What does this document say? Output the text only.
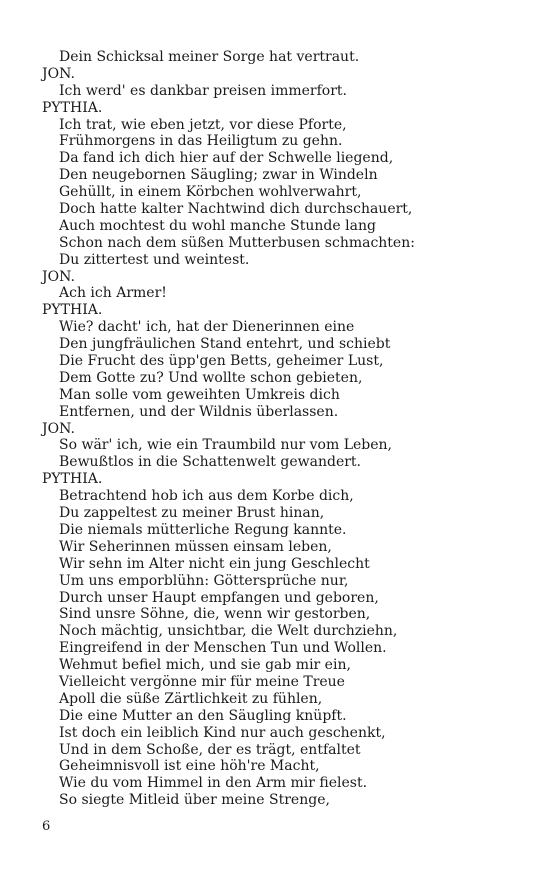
Dein Schicksal meiner Sorge hat vertraut.
JON.
Ich werd' es dankbar preisen immerfort.
PYTHIA.
Ich trat, wie eben jetzt, vor diese Pforte,
Frühmorgens in das Heiligtum zu gehn.
Da fand ich dich hier auf der Schwelle liegend,
Den neugebornen Säugling; zwar in Windeln
Gehüllt, in einem Körbchen wohlverwahrt,
Doch hatte kalter Nachtwind dich durchschauert,
Auch mochtest du wohl manche Stunde lang
Schon nach dem süßen Mutterbusen schmachten:
Du zittertest und weintest.
JON.
Ach ich Armer!
PYTHIA.
Wie? dacht' ich, hat der Dienerinnen eine
Den jungfräulichen Stand entehrt, und schiebt
Die Frucht des üpp'gen Betts, geheimer Lust,
Dem Gotte zu? Und wollte schon gebieten,
Man solle vom geweihten Umkreis dich
Entfernen, und der Wildnis überlassen.
JON.
So wär' ich, wie ein Traumbild nur vom Leben,
Bewußtlos in die Schattenwelt gewandert.
PYTHIA.
Betrachtend hob ich aus dem Korbe dich,
Du zappeltest zu meiner Brust hinan,
Die niemals mütterliche Regung kannte.
Wir Seherinnen müssen einsam leben,
Wir sehn im Alter nicht ein jung Geschlecht
Um uns emporblühn: Göttersprüche nur,
Durch unser Haupt empfangen und geboren,
Sind unsre Söhne, die, wenn wir gestorben,
Noch mächtig, unsichtbar, die Welt durchziehn,
Eingreifend in der Menschen Tun und Wollen.
Wehmut befiel mich, und sie gab mir ein,
Vielleicht vergönne mir für meine Treue
Apoll die süße Zärtlichkeit zu fühlen,
Die eine Mutter an den Säugling knüpft.
Ist doch ein leiblich Kind nur auch geschenkt,
Und in dem Schoße, der es trägt, entfaltet
Geheimnisvoll ist eine höh're Macht,
Wie du vom Himmel in den Arm mir fielest.
So siegte Mitleid über meine Strenge,
6
